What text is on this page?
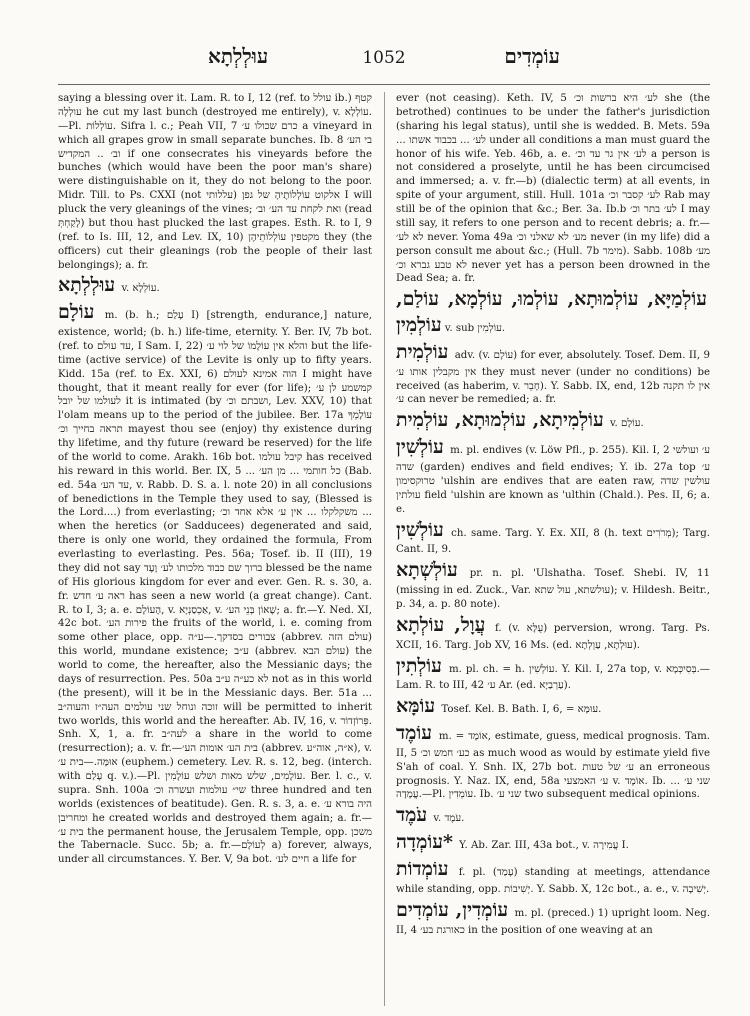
עוּלְלְתָא	1052	עוֹמְדִים

saying a blessing over it. Lam. R. to I, 12 (ref. to עולל ib.) קטף עולְלָה he cut my last bunch (destroyed me entirely), v. עוֹלְלָא.—Pl. עוֹלְלוֹת. Sifra l. c.; Peah VII, 7 כרם שכולו ע׳ a vineyard in which all grapes grow in small separate bunches. Ib. 8 בי הע׳ וב׳ .. המקדיש if one consecrates his vineyards before the bunches (which would have been the poor man's share) were distinguishable on it, they do not belong to the poor. Midr. Till. to Ps. CXXI (not עללותי) אלקוט עוֹלְלוֹתֶיהָ של גפן I will pluck the very gleanings of the vines; ואת לקחת עד הע׳ וב׳ (read לָקַחְתְּ) but thou hast plucked the last grapes. Esth. R. to I, 9 (ref. to Is. III, 12, and Lev. IX, 10) מקטפין עוֹלְלוֹתֵיהֶן they (the officers) cut their gleanings (rob the people of their last belongings); a. fr.

עוּלְלְתָא v. עוֹלְלָא.

עוֹלָם m. (b. h.; עָלַם I) [strength, endurance,] nature, existence, world; (b. h.) life-time, eternity. Y. Ber. IV, 7b bot. (ref. to עד עולם, I Sam. I, 22) והלא אין עוֹלָמוֹ של לוי ע׳ but the life-time (active service) of the Levite is only up to fifty years. Kidd. 15a (ref. to Ex. XXI, 6) הוה אמינא לעולם I might have thought, that it meant really for ever (for life); קמשמע לן ע׳ לעולמו של יובל it is intimated (by ושבתם וכ׳, Lev. XXV, 10) that l'olam means up to the period of the jubilee. Ber. 17a עוֹלָמְךָ תראה בחייך וכ׳ mayest thou see (enjoy) thy existence during thy lifetime, and thy future (reward be reserved) for the life of the world to come. Arakh. 16b bot. קיבל עולמו has received his reward in this world. Ber. IX, 5 ... כל חותמי ... מן הע׳ (Bab. ed. 54a עד הע׳, v. Rabb. D. S. a. l. note 20) in all conclusions of benedictions in the Temple they used to say, (Blessed is the Lord....) from everlasting; משקלקלו ... אין ע׳ אלא אחד וכ׳ ... when the heretics (or Sadducees) degenerated and said, there is only one world, they ordained the formula, From everlasting to everlasting. Pes. 56a; Tosef. ib. II (III), 19 they did not say ברוך שם כבוד מלכותו לע׳ וָעֶד blessed be the name of His glorious kingdom for ever and ever. Gen. R. s. 30, a. fr. ראה ע׳ חדש has seen a new world (a great change). Cant. R. to I, 3; a. e. הָעוֹלָם, v. אַכְסַנְיָא, v. שָׁאוֹן בְּנֵי הע׳; a. fr.—Y. Ned. XI, 42c bot. פירות הע׳ the fruits of the world, i. e. coming from some other place, opp. צבורים בסדקך.—ע״ה (abbrev. עולם הזה) this world, mundane existence; ע״ב (abbrev. עולם הבא) the world to come, the hereafter, also the Messianic days; the days of resurrection. Pes. 50a לא כע״ה ע״ב not as in this world (the present), will it be in the Messianic days. Ber. 51a ... זוכה ונוחל שני עולמים העה״ז והעוה״ב will be permitted to inherit two worlds, this world and the hereafter. Ab. IV, 16, v. פְּרוֹזְדוֹר. Snh. X, 1, a. fr. לעה״ב a share in the world to come (resurrection); a. v. fr.—בית הע׳ אומות הע׳ (abbrev. א״ה, אוה״ע), v. אוּמָּה.—בית ע׳ (euphem.) cemetery. Lev. R. s. 12, beg. (interch. with עָלַם q. v.).—Pl. עוֹלָמִים, שלש מאות ושלש עוֹלָמִין. Ber. l. c., v. supra. Snh. 100a שי״ עולמות ועשרה וכ׳ three hundred and ten worlds (existences of beatitude). Gen. R. s. 3, a. e. היה בורא ע׳ ומחריבן he created worlds and destroyed them again; a. fr.—בית ע׳ the permanent house, the Jerusalem Temple, opp. משכן the Tabernacle. Succ. 5b; a. fr.—לְעוֹלָם a) forever, always, under all circumstances. Y. Ber. V, 9a bot. חיים לע׳ a life for

ever (not ceasing). Keth. IV, 5 לע׳ היא ברשות וכ׳ she (the betrothed) continues to be under the father's jurisdiction (sharing his legal status), until she is wedded. B. Mets. 59a ... לע׳ ... בכבוד אשתו under all conditions a man must guard the honor of his wife. Yeb. 46b, a. e. לע׳ אין גר עד וכ׳ a person is not considered a proselyte, until he has been circumcised and immersed; a. v. fr.—b) (dialectic term) at all events, in spite of your argument, still. Hull. 101a לע׳ קסבר וכ׳ Rab may still be of the opinion that &c.; Ber. 3a. Ib.b לע׳ בתר וכ׳ I may still say, it refers to one person and to recent debris; a. fr.—לא לע׳ never. Yoma 49a מע׳ לא שאלני וכ׳ never (in my life) did a person consult me about &c.; (Hull. 7b מימר). Sabb. 108b מע׳ לא טבע גברא וכ׳ never yet has a person been drowned in the Dead Sea; a. fr.

עוֹלְמַיָּא, עוֹלְמוּתָא, עוֹלְמוּ, עוֹלְמָא, עוֹלַם, עוֹלְמִין v. sub עוֹלְמִין.

עוֹלְמִית adv. (v. עוֹלָם) for ever, absolutely. Tosef. Dem. II, 9 אין מקבלין אותו ע׳ they must never (under no conditions) be received (as haberim, v. חָבֵר). Y. Sabb. IX, end, 12b אין לו תקנה ע׳ can never be remedied; a. fr.

עוֹלְמִיתָא, עוֹלְמוּתָא, עוֹלְמִית v. עוֹלָם.

עוֹלְשִׁין m. pl. endives (v. Löw Pfl., p. 255). Kil. I, 2 ע׳ ועולשי שדה (garden) endives and field endives; Y. ib. 27a top ע׳ טרוקסימון 'ulshin are endives that are eaten raw, עולשין שדה עולתין field 'ulshin are known as 'ulthin (Chald.). Pes. II, 6; a. e.

עוֹלְשִׁין ch. same. Targ. Y. Ex. XII, 8 (h. text מְרֹרִים); Targ. Cant. II, 9.

עוֹלְשְׁתָא pr. n. pl. 'Ulshatha. Tosef. Shebi. IV, 11 (missing in ed. Zuck., Var. עולשתא, עול שתא); v. Hildesh. Beitr., p. 34, a. p. 80 note).

עֲוָל, עוֹלְתָא f. (v. עֻלָּא) perversion, wrong. Targ. Ps. XCII, 16. Targ. Job XV, 16 Ms. (ed. עוּלְתָא, עַוְלְתָא).

עוֹלְתִין m. pl. ch. = h. עוֹלְשִׁין. Y. Kil. I, 27a top, v. בְּסִיכְּמָא.—Lam. R. to III, 42 ע׳ Ar. (ed. עַרְבַיָא).

עוֹמָּא Tosef. Kel. B. Bath. I, 6, = עוּמָּא.

עוֹמֶד m. = אוֹמֶד, estimate, guess, medical prognosis. Tam. II, 5 כע׳ חמש וכ׳ as much wood as would by estimate yield five S'ah of coal. Y. Snh. IX, 27b bot. ע׳ של טעות an erroneous prognosis. Y. Naz. IX, end, 58a ע׳ האמצעי v. אוֹמֶד. Ib. שני ע׳ ... עֲמָדָה.—Pl. עוֹמְדִין. Ib. שני ע׳ two subsequent medical opinions.

עֹמֶד v. עֹמֶד.

*עוֹמְדָה Y. Ab. Zar. III, 43a bot., v. עֲמִירָה I.

עוֹמְדוֹת f. pl. (עָמַד) standing at meetings, attendance while standing, opp. יְשִׁיבוֹת. Y. Sabb. X, 12c bot., a. e., v. יְשִׁיבָה.

עוֹמְדִין, עוֹמְדִים m. pl. (preced.) 1) upright loom. Neg. II, 4 כאורגת בע׳ in the position of one weaving at an
